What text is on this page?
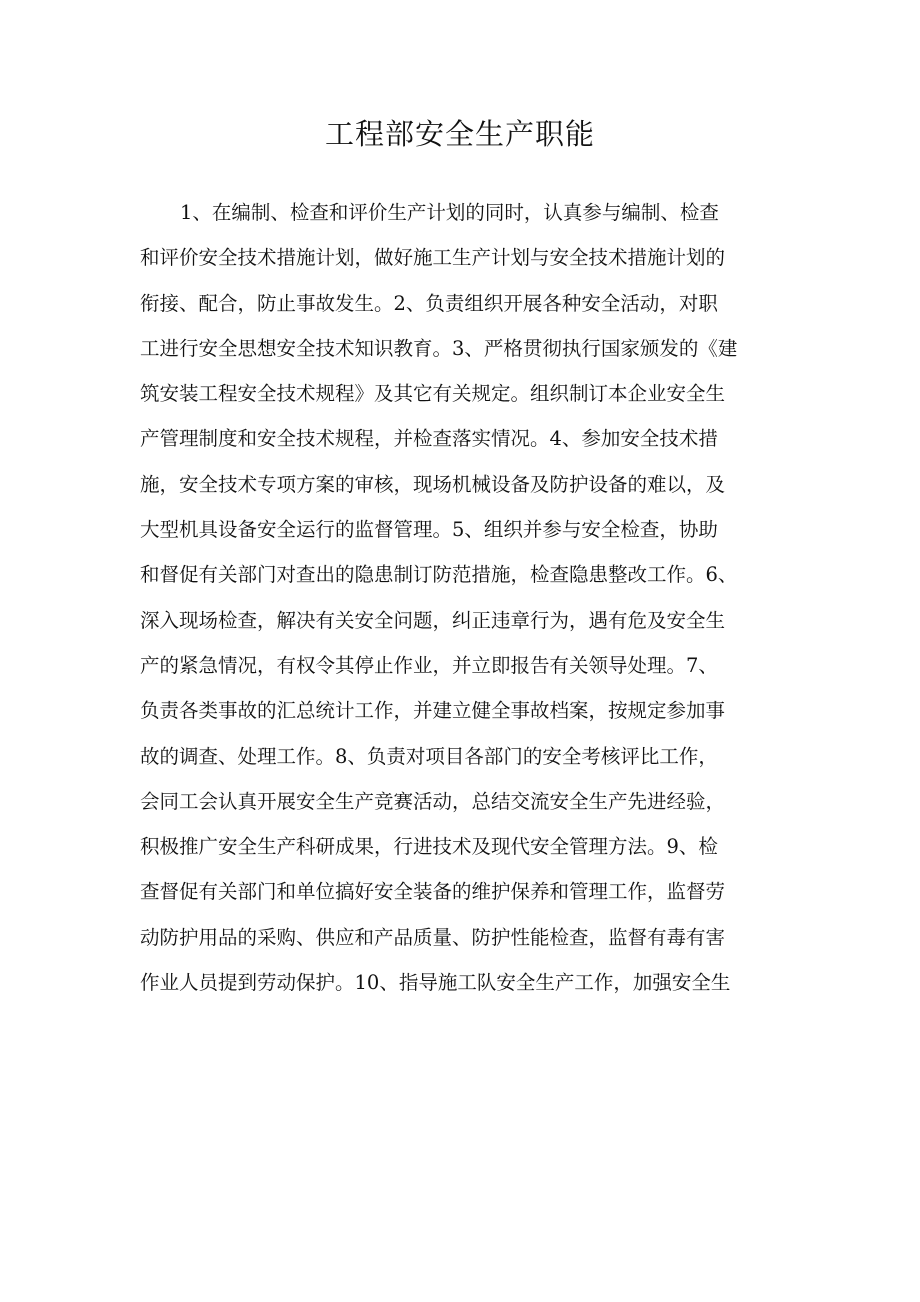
工程部安全生产职能
1、在编制、检查和评价生产计划的同时，认真参与编制、检查
和评价安全技术措施计划，做好施工生产计划与安全技术措施计划的
衔接、配合，防止事故发生。2、负责组织开展各种安全活动，对职
工进行安全思想安全技术知识教育。3、严格贯彻执行国家颁发的《建
筑安装工程安全技术规程》及其它有关规定。组织制订本企业安全生
产管理制度和安全技术规程，并检查落实情况。4、参加安全技术措
施，安全技术专项方案的审核，现场机械设备及防护设备的难以，及
大型机具设备安全运行的监督管理。5、组织并参与安全检查，协助
和督促有关部门对查出的隐患制订防范措施，检查隐患整改工作。6、
深入现场检查，解决有关安全问题，纠正违章行为，遇有危及安全生
产的紧急情况，有权令其停止作业，并立即报告有关领导处理。7、
负责各类事故的汇总统计工作，并建立健全事故档案，按规定参加事
故的调查、处理工作。8、负责对项目各部门的安全考核评比工作，
会同工会认真开展安全生产竞赛活动，总结交流安全生产先进经验，
积极推广安全生产科研成果，行进技术及现代安全管理方法。9、检
查督促有关部门和单位搞好安全装备的维护保养和管理工作，监督劳
动防护用品的采购、供应和产品质量、防护性能检查，监督有毒有害
作业人员提到劳动保护。10、指导施工队安全生产工作，加强安全生
